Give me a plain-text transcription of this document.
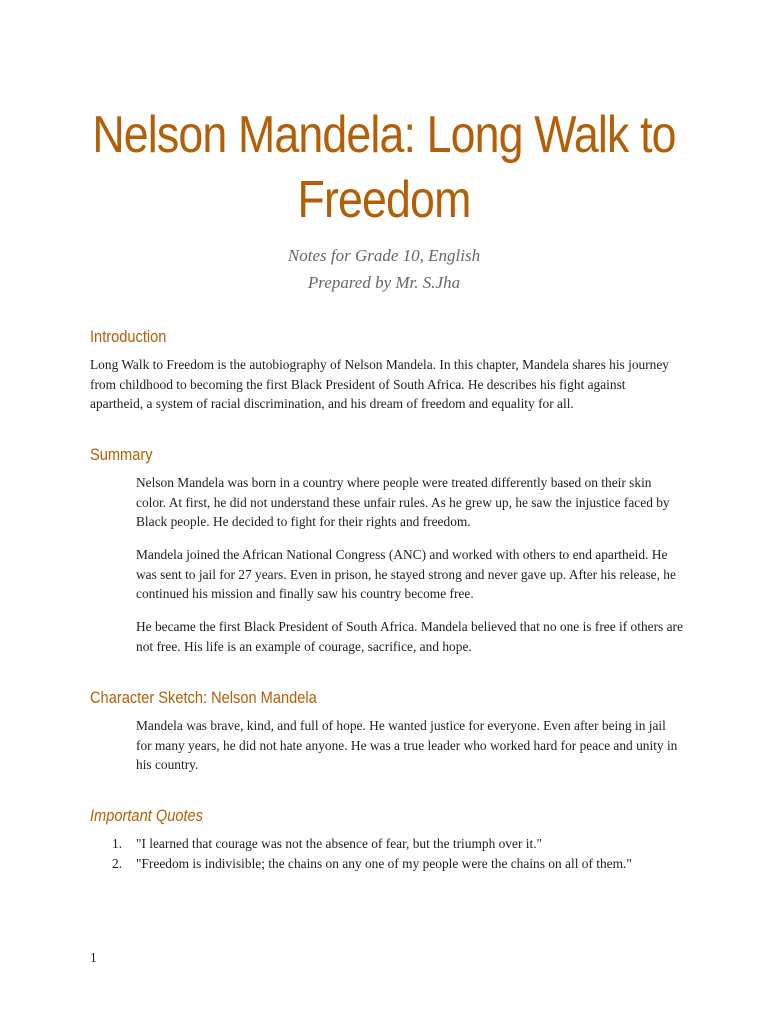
Nelson Mandela: Long Walk to Freedom
Notes for Grade 10, English
Prepared by Mr. S.Jha
Introduction

Long Walk to Freedom is the autobiography of Nelson Mandela. In this chapter, Mandela shares his journey from childhood to becoming the first Black President of South Africa. He describes his fight against apartheid, a system of racial discrimination, and his dream of freedom and equality for all.

Summary

Nelson Mandela was born in a country where people were treated differently based on their skin color. At first, he did not understand these unfair rules. As he grew up, he saw the injustice faced by Black people. He decided to fight for their rights and freedom.

Mandela joined the African National Congress (ANC) and worked with others to end apartheid. He was sent to jail for 27 years. Even in prison, he stayed strong and never gave up. After his release, he continued his mission and finally saw his country become free.

He became the first Black President of South Africa. Mandela believed that no one is free if others are not free. His life is an example of courage, sacrifice, and hope.

Character Sketch: Nelson Mandela

Mandela was brave, kind, and full of hope. He wanted justice for everyone. Even after being in jail for many years, he did not hate anyone. He was a true leader who worked hard for peace and unity in his country.

Important Quotes
1. "I learned that courage was not the absence of fear, but the triumph over it."
2. "Freedom is indivisible; the chains on any one of my people were the chains on all of them."
1
